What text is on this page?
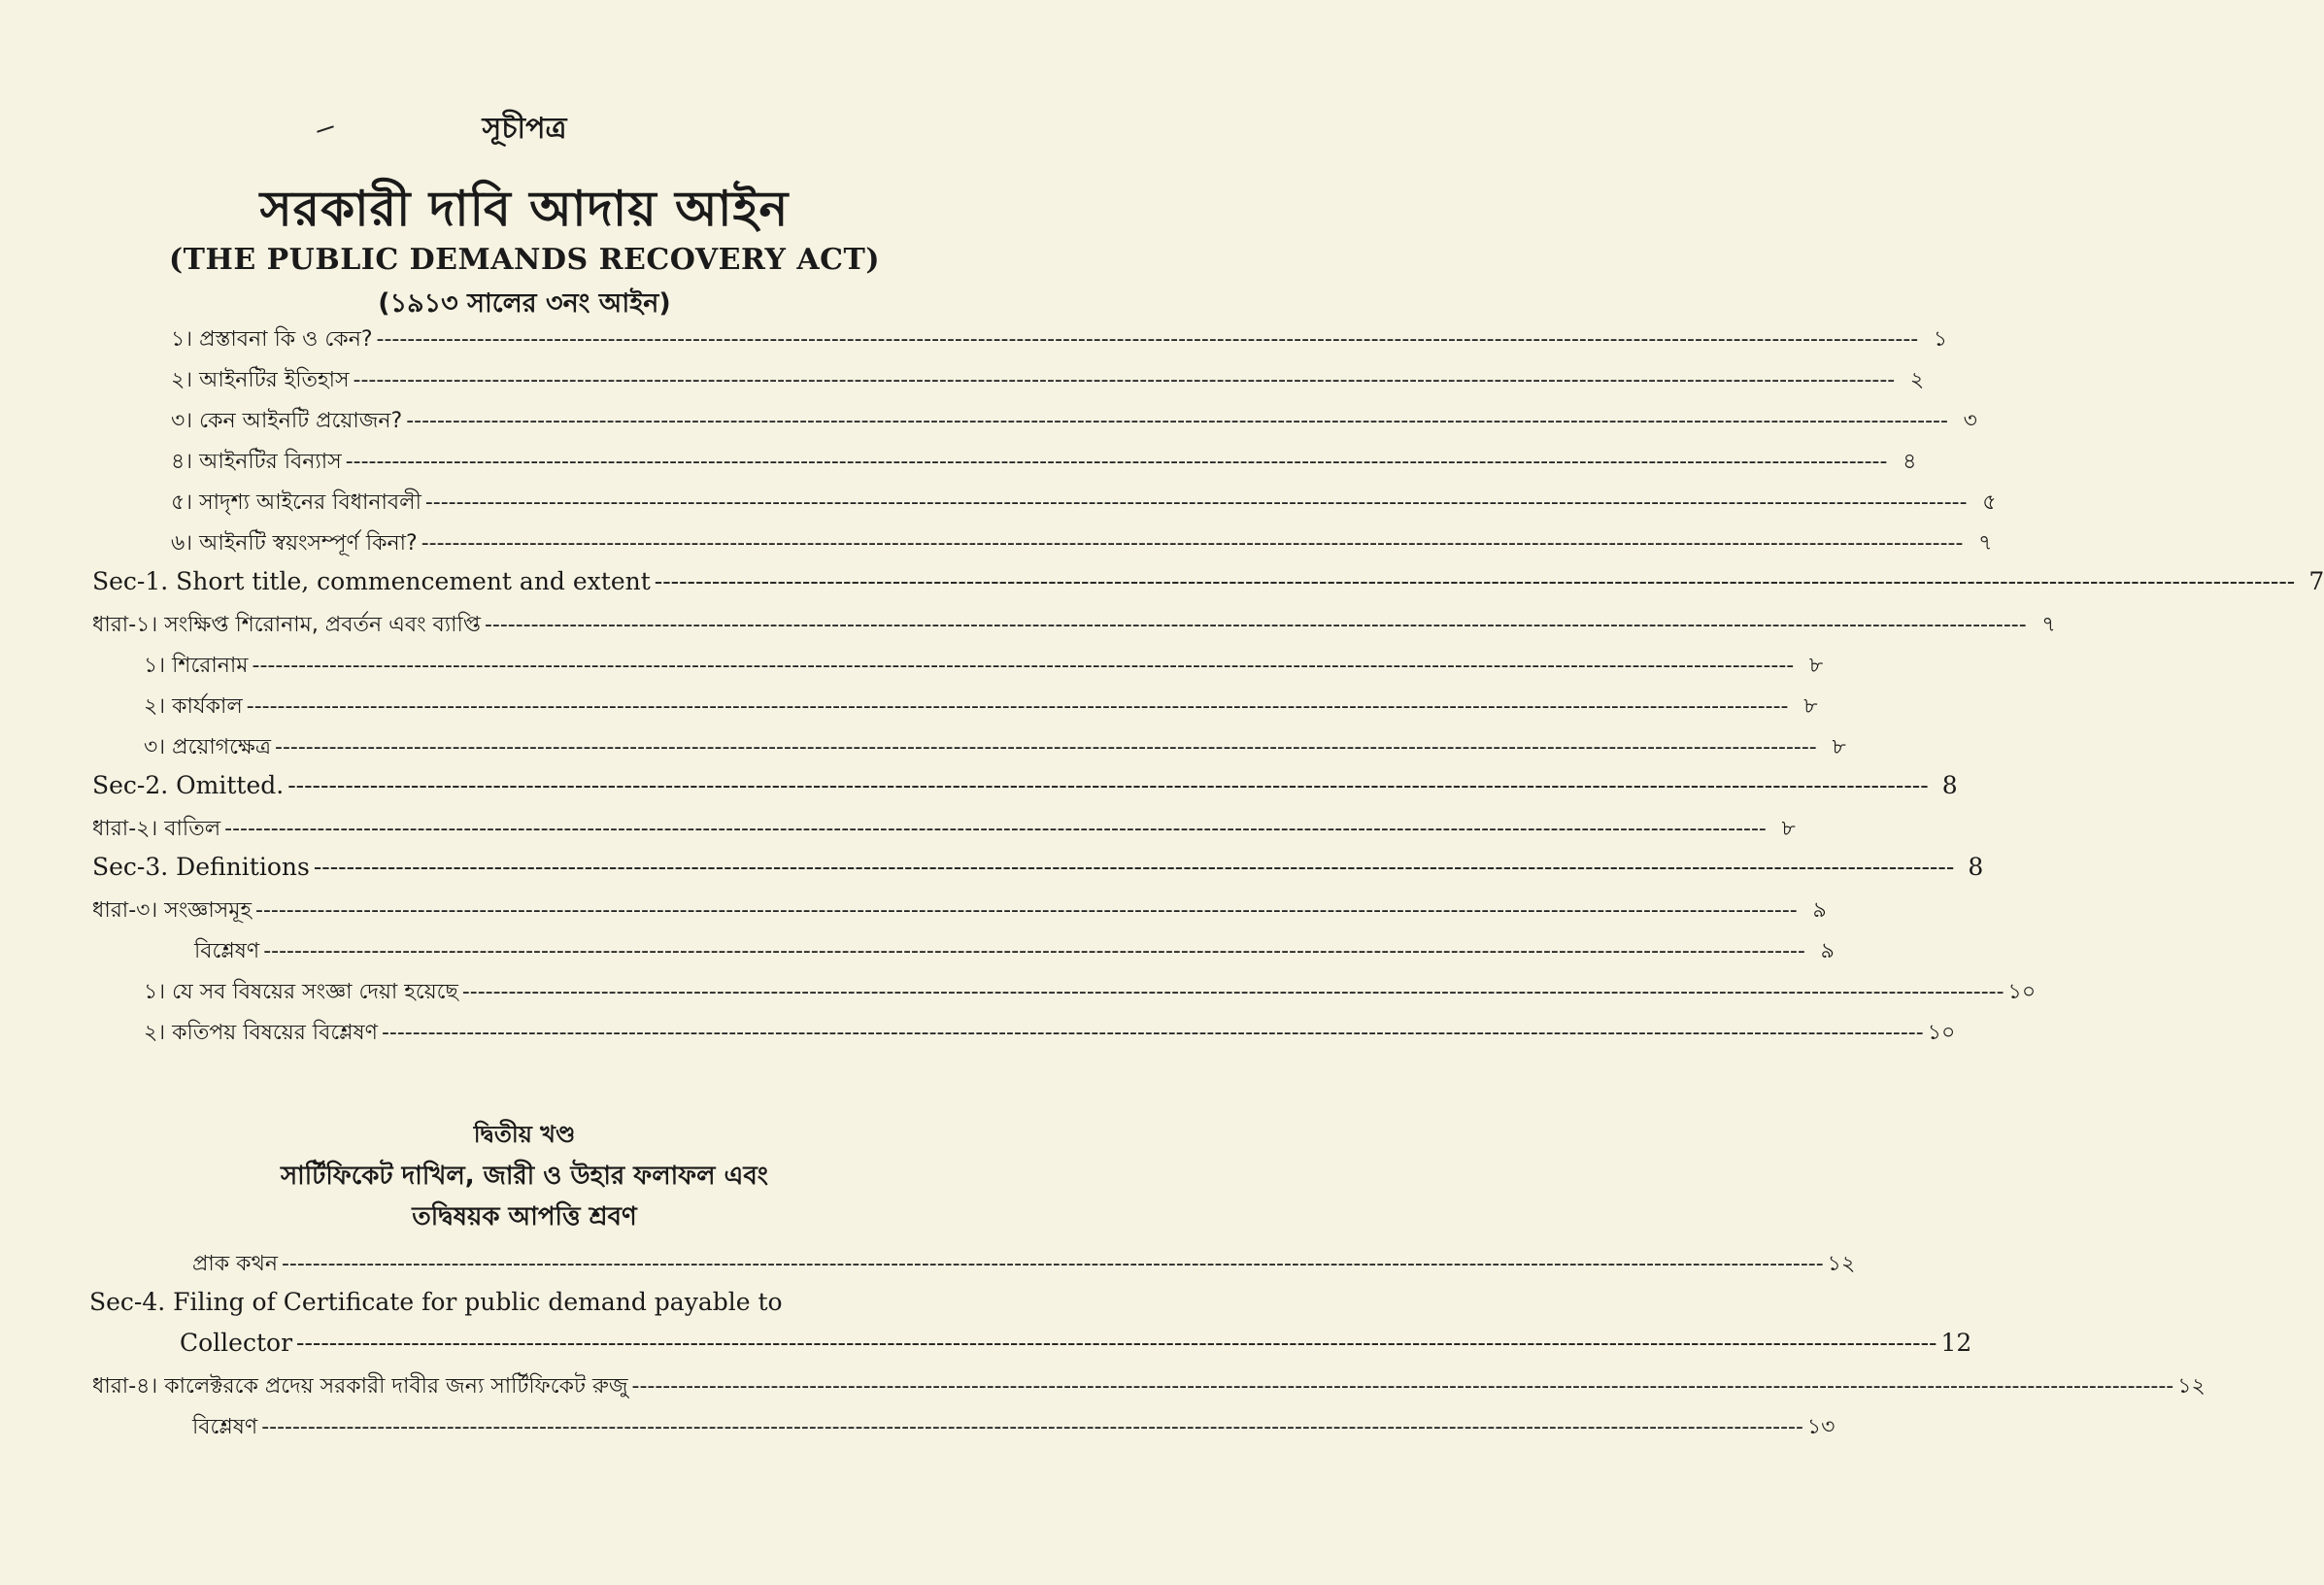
সূচীপত্র
সরকারী দাবি আদায় আইন
(THE PUBLIC DEMANDS RECOVERY ACT)
(১৯১৩ সালের ৩নং আইন)
১। প্রস্তাবনা কি ও কেন? -------------------------------------------------------------------------------------------------------------------------------------------------------------------------------------------------------- ১
২। আইনটির ইতিহাস -------------------------------------------------------------------------------------------------------------------------------------------------------------------------------------------------------- ২
৩। কেন আইনটি প্রয়োজন? -------------------------------------------------------------------------------------------------------------------------------------------------------------------------------------------------------- ৩
৪। আইনটির বিন্যাস -------------------------------------------------------------------------------------------------------------------------------------------------------------------------------------------------------- ৪
৫। সাদৃশ্য আইনের বিধানাবলী -------------------------------------------------------------------------------------------------------------------------------------------------------------------------------------------------------- ৫
৬। আইনটি স্বয়ংসম্পূর্ণ কিনা? -------------------------------------------------------------------------------------------------------------------------------------------------------------------------------------------------------- ৭
Sec-1. Short title, commencement and extent -------------------------------------------------------------------------------------------------------------------------------------------------------------------------------------------------------- 7
ধারা-১। সংক্ষিপ্ত শিরোনাম, প্রবর্তন এবং ব্যাপ্তি -------------------------------------------------------------------------------------------------------------------------------------------------------------------------------------------------------- ৭
১। শিরোনাম -------------------------------------------------------------------------------------------------------------------------------------------------------------------------------------------------------- ৮
২। কার্যকাল -------------------------------------------------------------------------------------------------------------------------------------------------------------------------------------------------------- ৮
৩। প্রয়োগক্ষেত্র -------------------------------------------------------------------------------------------------------------------------------------------------------------------------------------------------------- ৮
Sec-2. Omitted. -------------------------------------------------------------------------------------------------------------------------------------------------------------------------------------------------------- 8
ধারা-২। বাতিল -------------------------------------------------------------------------------------------------------------------------------------------------------------------------------------------------------- ৮
Sec-3. Definitions -------------------------------------------------------------------------------------------------------------------------------------------------------------------------------------------------------- 8
ধারা-৩। সংজ্ঞাসমূহ -------------------------------------------------------------------------------------------------------------------------------------------------------------------------------------------------------- ৯
বিশ্লেষণ -------------------------------------------------------------------------------------------------------------------------------------------------------------------------------------------------------- ৯
১। যে সব বিষয়ের সংজ্ঞা দেয়া হয়েছে -------------------------------------------------------------------------------------------------------------------------------------------------------------------------------------------------------- ১০
২। কতিপয় বিষয়ের বিশ্লেষণ -------------------------------------------------------------------------------------------------------------------------------------------------------------------------------------------------------- ১০
দ্বিতীয় খণ্ড
সার্টিফিকেট দাখিল, জারী ও উহার ফলাফল এবং
তদ্বিষয়ক আপত্তি শ্রবণ
প্রাক কথন -------------------------------------------------------------------------------------------------------------------------------------------------------------------------------------------------------- ১২
Sec-4. Filing of Certificate for public demand payable to
Collector -------------------------------------------------------------------------------------------------------------------------------------------------------------------------------------------------------- 12
ধারা-৪। কালেক্টরকে প্রদেয় সরকারী দাবীর জন্য সার্টিফিকেট রুজু -------------------------------------------------------------------------------------------------------------------------------------------------------------------------------------------------------- ১২
বিশ্লেষণ -------------------------------------------------------------------------------------------------------------------------------------------------------------------------------------------------------- ১৩
